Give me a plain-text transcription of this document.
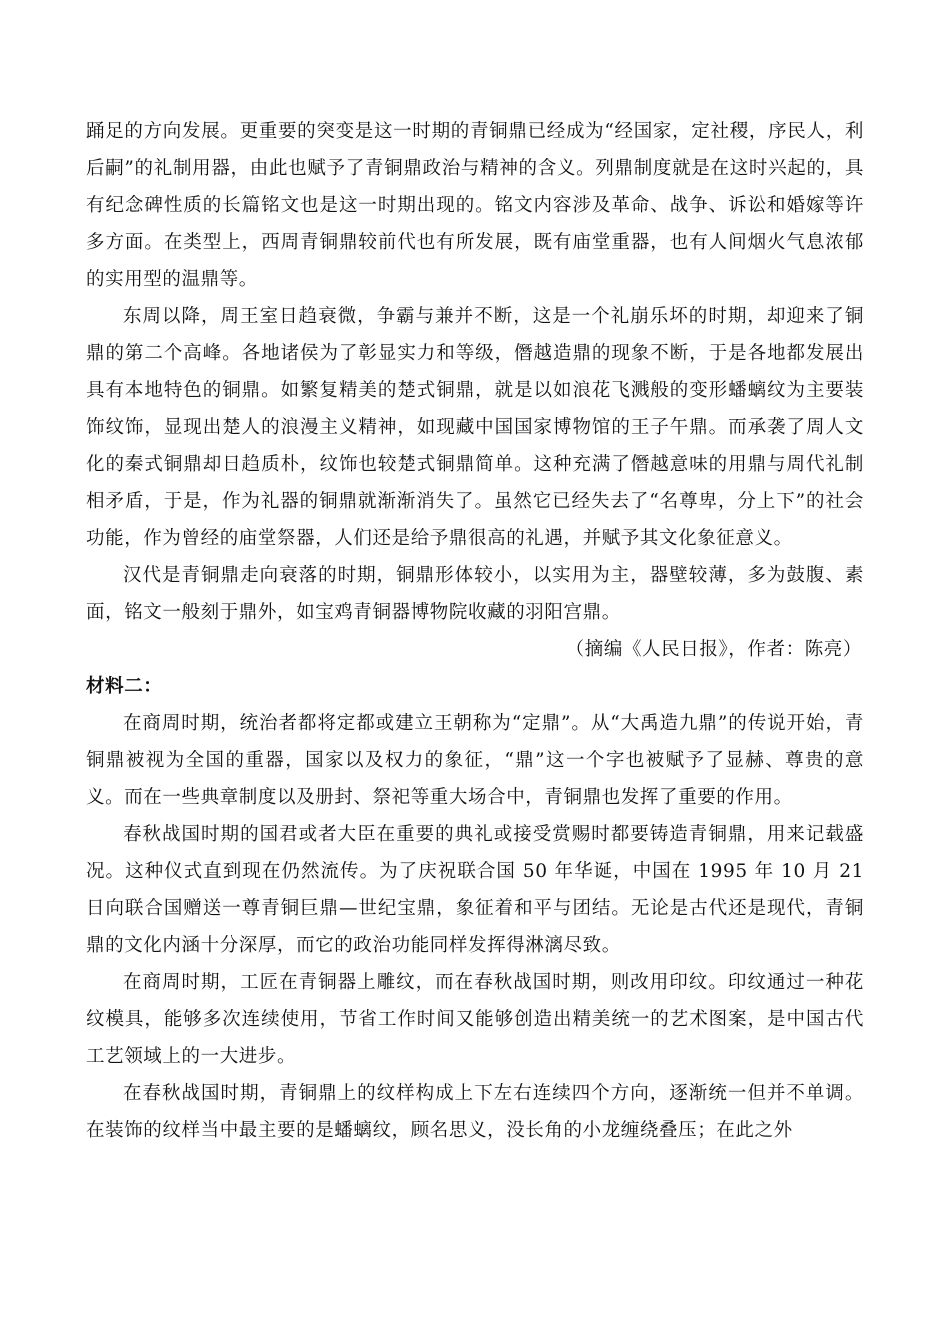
踊足的方向发展。更重要的突变是这一时期的青铜鼎已经成为“经国家，定社稷，序民人，利后嗣”的礼制用器，由此也赋予了青铜鼎政治与精神的含义。列鼎制度就是在这时兴起的，具有纪念碑性质的长篇铭文也是这一时期出现的。铭文内容涉及革命、战争、诉讼和婚嫁等许多方面。在类型上，西周青铜鼎较前代也有所发展，既有庙堂重器，也有人间烟火气息浓郁的实用型的温鼎等。

东周以降，周王室日趋衰微，争霸与兼并不断，这是一个礼崩乐坏的时期，却迎来了铜鼎的第二个高峰。各地诸侯为了彰显实力和等级，僭越造鼎的现象不断，于是各地都发展出具有本地特色的铜鼎。如繁复精美的楚式铜鼎，就是以如浪花飞溅般的变形蟠螭纹为主要装饰纹饰，显现出楚人的浪漫主义精神，如现藏中国国家博物馆的王子午鼎。而承袭了周人文化的秦式铜鼎却日趋质朴，纹饰也较楚式铜鼎简单。这种充满了僭越意味的用鼎与周代礼制相矛盾，于是，作为礼器的铜鼎就渐渐消失了。虽然它已经失去了“名尊卑，分上下”的社会功能，作为曾经的庙堂祭器，人们还是给予鼎很高的礼遇，并赋予其文化象征意义。

汉代是青铜鼎走向衰落的时期，铜鼎形体较小，以实用为主，器壁较薄，多为鼓腹、素面，铭文一般刻于鼎外，如宝鸡青铜器博物院收藏的羽阳宫鼎。

（摘编《人民日报》，作者：陈亮）

材料二：

在商周时期，统治者都将定都或建立王朝称为“定鼎”。从“大禹造九鼎”的传说开始，青铜鼎被视为全国的重器，国家以及权力的象征，“鼎”这一个字也被赋予了显赫、尊贵的意义。而在一些典章制度以及册封、祭祀等重大场合中，青铜鼎也发挥了重要的作用。

春秋战国时期的国君或者大臣在重要的典礼或接受赏赐时都要铸造青铜鼎，用来记载盛况。这种仪式直到现在仍然流传。为了庆祝联合国 50 年华诞，中国在 1995 年 10 月 21 日向联合国赠送一尊青铜巨鼎—世纪宝鼎，象征着和平与团结。无论是古代还是现代，青铜鼎的文化内涵十分深厚，而它的政治功能同样发挥得淋漓尽致。

在商周时期，工匠在青铜器上雕纹，而在春秋战国时期，则改用印纹。印纹通过一种花纹模具，能够多次连续使用，节省工作时间又能够创造出精美统一的艺术图案，是中国古代工艺领域上的一大进步。

在春秋战国时期，青铜鼎上的纹样构成上下左右连续四个方向，逐渐统一但并不单调。在装饰的纹样当中最主要的是蟠螭纹，顾名思义，没长角的小龙缠绕叠压；在此之外
